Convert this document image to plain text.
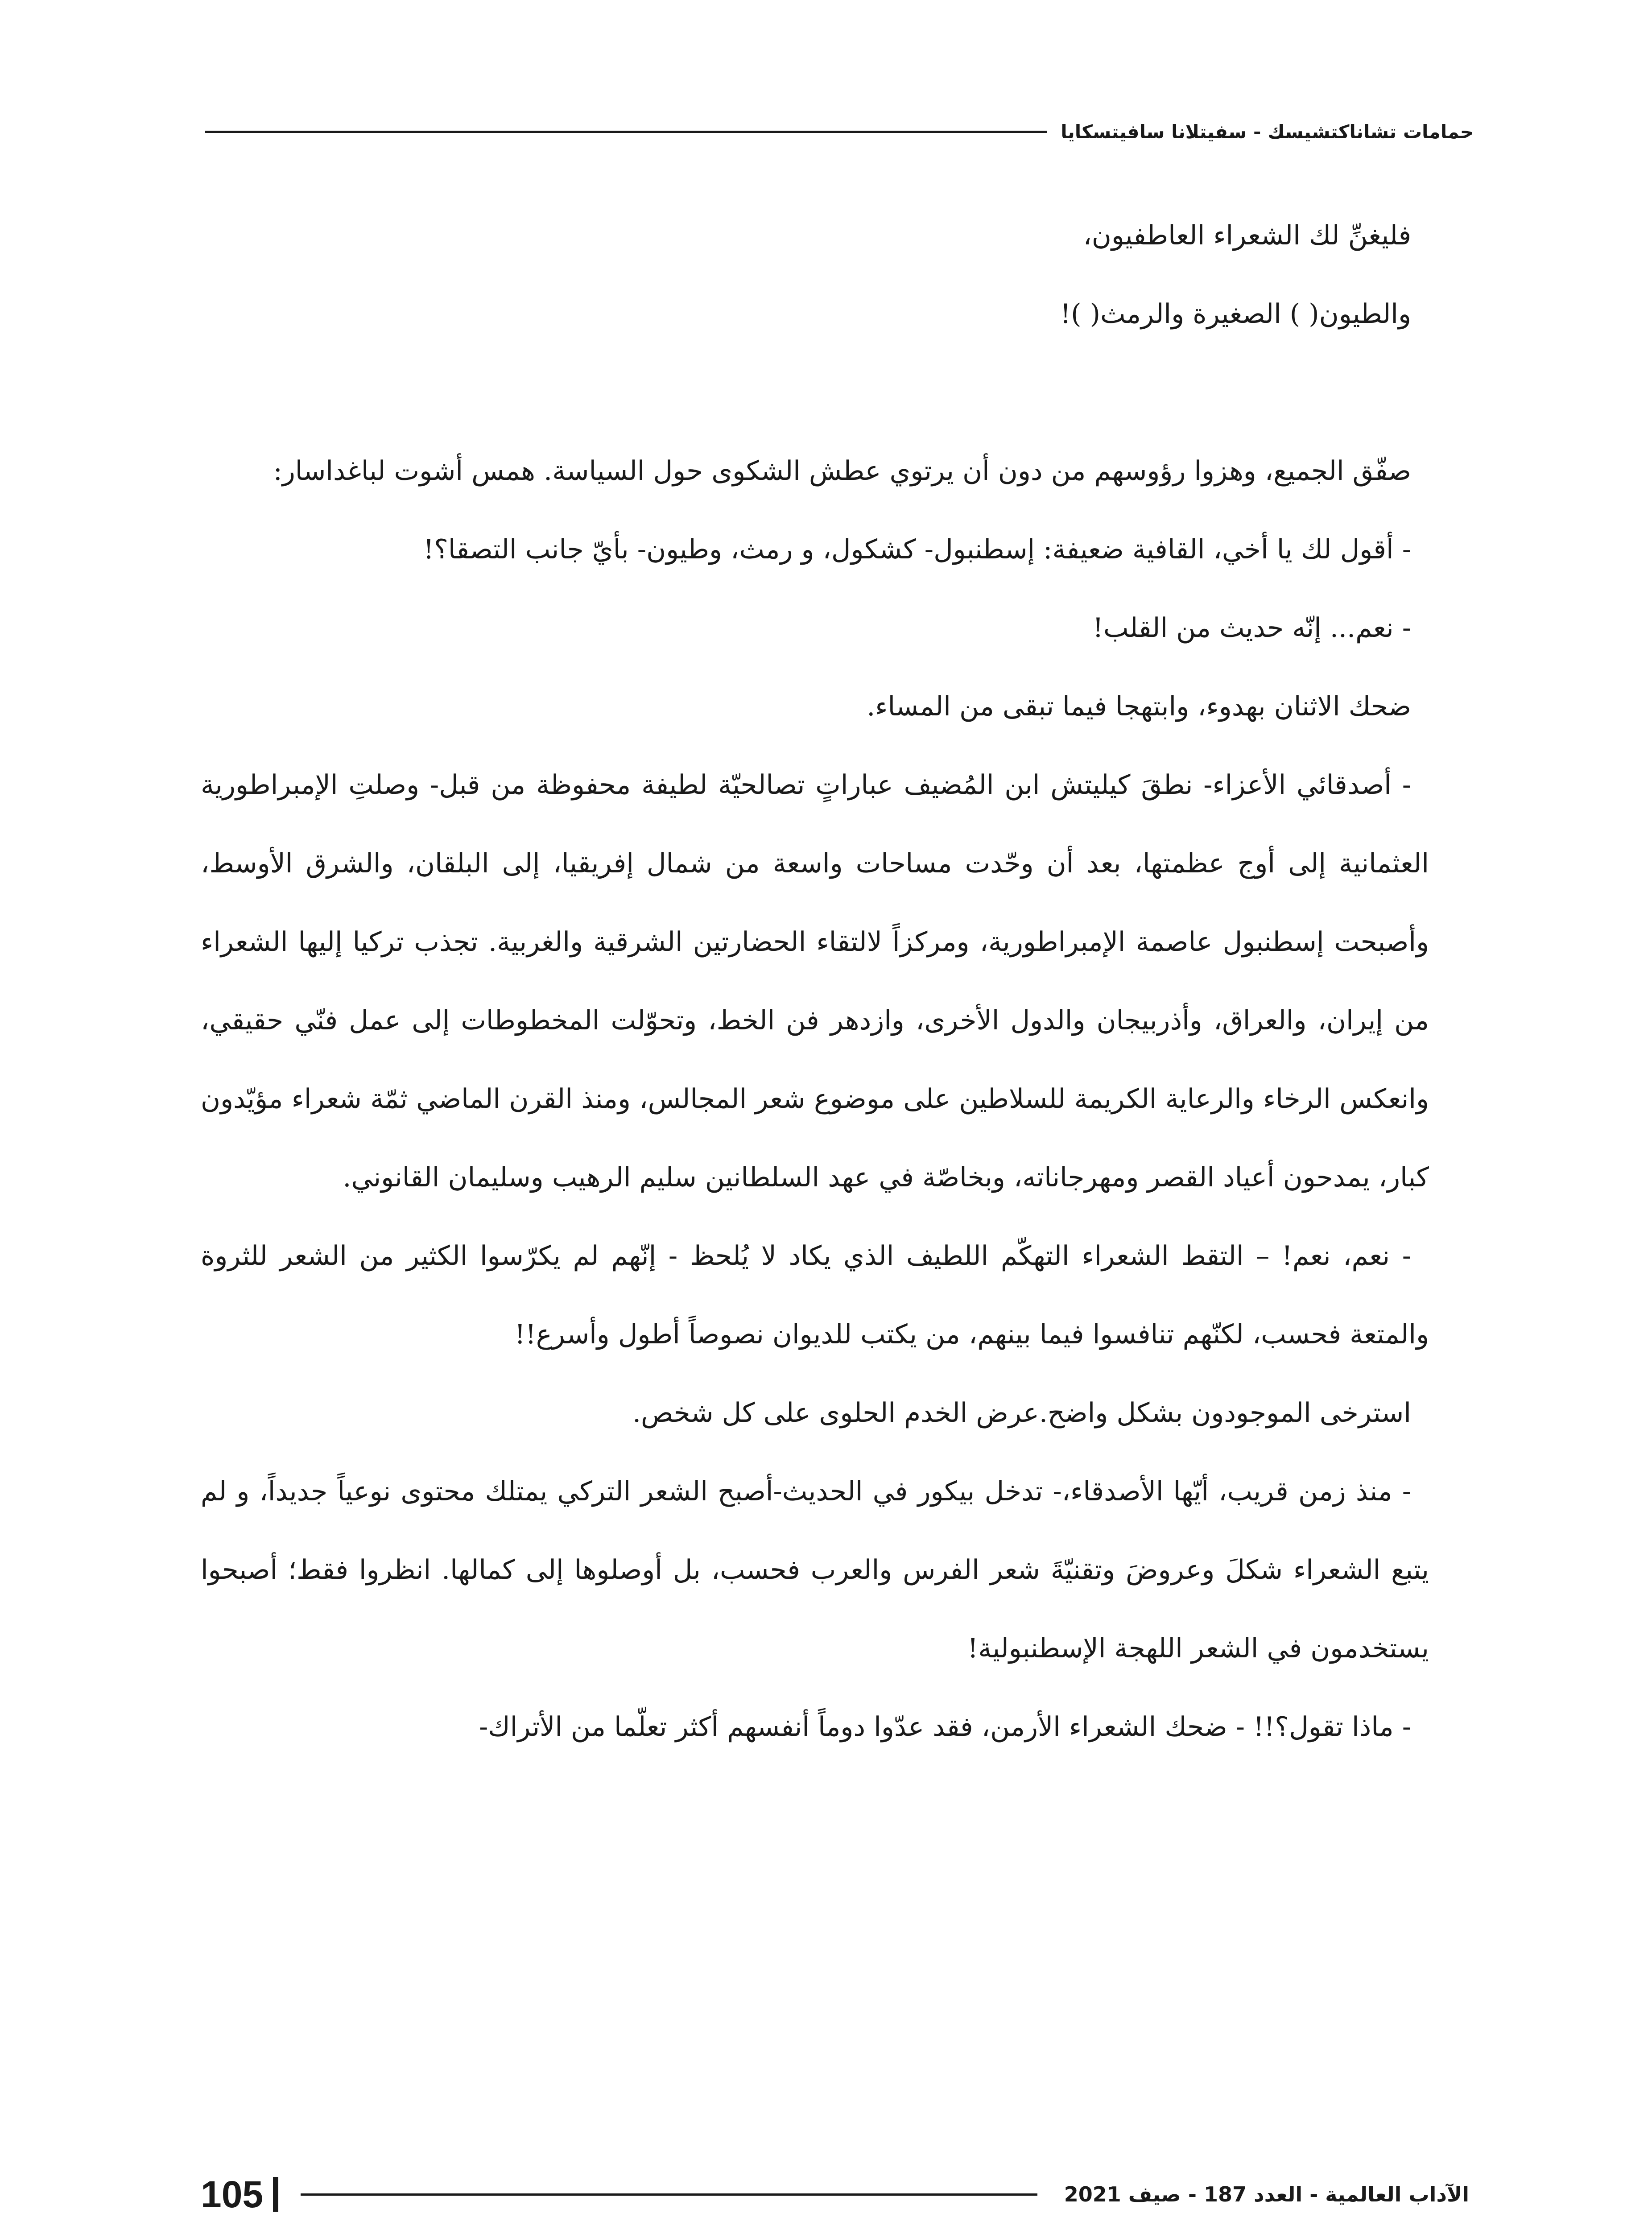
حمامات تشاناكتشيسك - سفيتلانا سافيتسكايا

فليغنِّ لك الشعراء العاطفيون،

والطيون( ) الصغيرة والرمث( )!

صفّق الجميع، وهزوا رؤوسهم من دون أن يرتوي عطش الشكوى حول السياسة. همس أشوت لباغداسار:

- أقول لك يا أخي، القافية ضعيفة: إسطنبول- كشكول، و رمث، وطيون- بأيّ جانب التصقا؟!

- نعم... إنّه حديث من القلب!

ضحك الاثنان بهدوء، وابتهجا فيما تبقى من المساء.

- أصدقائي الأعزاء- نطقَ كيليتش ابن المُضيف عباراتٍ تصالحيّة لطيفة محفوظة من قبل- وصلتِ الإمبراطورية العثمانية إلى أوج عظمتها، بعد أن وحّدت مساحات واسعة من شمال إفريقيا، إلى البلقان، والشرق الأوسط، وأصبحت إسطنبول عاصمة الإمبراطورية، ومركزاً لالتقاء الحضارتين الشرقية والغربية. تجذب تركيا إليها الشعراء من إيران، والعراق، وأذربيجان والدول الأخرى، وازدهر فن الخط، وتحوّلت المخطوطات إلى عمل فنّي حقيقي، وانعكس الرخاء والرعاية الكريمة للسلاطين على موضوع شعر المجالس، ومنذ القرن الماضي ثمّة شعراء مؤيّدون كبار، يمدحون أعياد القصر ومهرجاناته، وبخاصّة في عهد السلطانين سليم الرهيب وسليمان القانوني.

- نعم، نعم! – التقط الشعراء التهكّم اللطيف الذي يكاد لا يُلحظ - إنّهم لم يكرّسوا الكثير من الشعر للثروة والمتعة فحسب، لكنّهم تنافسوا فيما بينهم، من يكتب للديوان نصوصاً أطول وأسرع!!

استرخى الموجودون بشكل واضح.عرض الخدم الحلوى على كل شخص.

- منذ زمن قريب، أيّها الأصدقاء،- تدخل بيكور في الحديث-أصبح الشعر التركي يمتلك محتوى نوعياً جديداً، و لم يتبع الشعراء شكلَ وعروضَ وتقنيّةَ شعر الفرس والعرب فحسب، بل أوصلوها إلى كمالها. انظروا فقط؛ أصبحوا يستخدمون في الشعر اللهجة الإسطنبولية!

- ماذا تقول؟!! - ضحك الشعراء الأرمن، فقد عدّوا دوماً أنفسهم أكثر تعلّما من الأتراك-

الآداب العالمية - العدد 187 - صيف 2021
105
